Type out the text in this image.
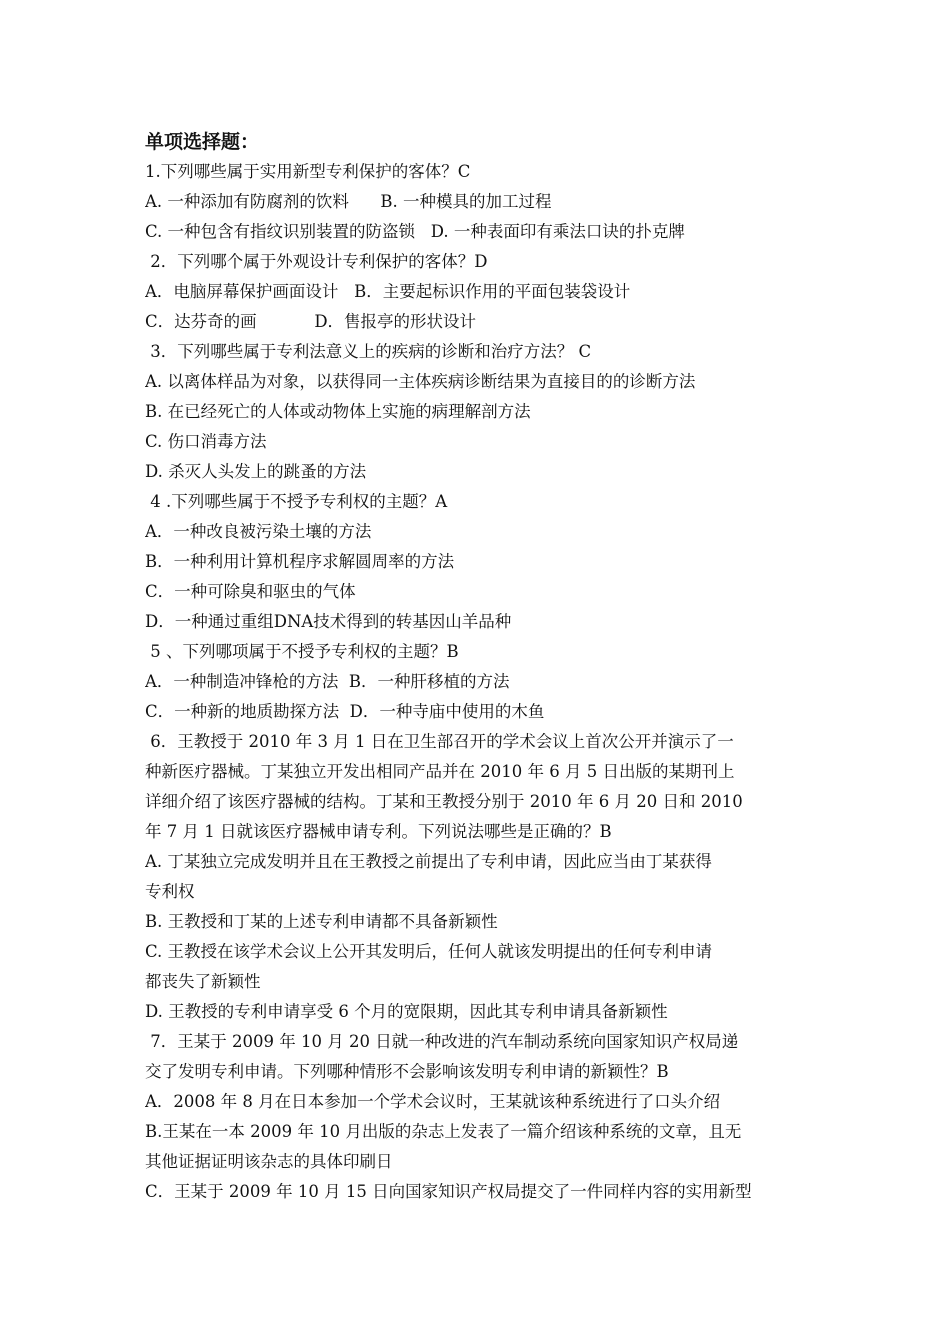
单项选择题：
1.下列哪些属于实用新型专利保护的客体？C
A. 一种添加有防腐剂的饮料      B. 一种模具的加工过程
C. 一种包含有指纹识别装置的防盗锁   D. 一种表面印有乘法口诀的扑克牌
2．下列哪个属于外观设计专利保护的客体？D
A．电脑屏幕保护画面设计   B．主要起标识作用的平面包装袋设计
C．达芬奇的画           D．售报亭的形状设计
3．下列哪些属于专利法意义上的疾病的诊断和治疗方法？ C
A. 以离体样品为对象，以获得同一主体疾病诊断结果为直接目的的诊断方法
B. 在已经死亡的人体或动物体上实施的病理解剖方法
C. 伤口消毒方法
D. 杀灭人头发上的跳蚤的方法
4 .下列哪些属于不授予专利权的主题？A
A．一种改良被污染土壤的方法
B．一种利用计算机程序求解圆周率的方法
C．一种可除臭和驱虫的气体
D．一种通过重组DNA技术得到的转基因山羊品种
5 、下列哪项属于不授予专利权的主题？B
A．一种制造冲锋枪的方法  B．一种肝移植的方法
C．一种新的地质勘探方法  D．一种寺庙中使用的木鱼
6．王教授于 2010 年 3 月 1 日在卫生部召开的学术会议上首次公开并演示了一
种新医疗器械。丁某独立开发出相同产品并在 2010 年 6 月 5 日出版的某期刊上
详细介绍了该医疗器械的结构。丁某和王教授分别于 2010 年 6 月 20 日和 2010
年 7 月 1 日就该医疗器械申请专利。下列说法哪些是正确的？B
A. 丁某独立完成发明并且在王教授之前提出了专利申请，因此应当由丁某获得
专利权
B. 王教授和丁某的上述专利申请都不具备新颖性
C. 王教授在该学术会议上公开其发明后，任何人就该发明提出的任何专利申请
都丧失了新颖性
D. 王教授的专利申请享受 6 个月的宽限期，因此其专利申请具备新颖性
7．王某于 2009 年 10 月 20 日就一种改进的汽车制动系统向国家知识产权局递
交了发明专利申请。下列哪种情形不会影响该发明专利申请的新颖性？B
A．2008 年 8 月在日本参加一个学术会议时，王某就该种系统进行了口头介绍
B.王某在一本 2009 年 10 月出版的杂志上发表了一篇介绍该种系统的文章，且无
其他证据证明该杂志的具体印刷日
C．王某于 2009 年 10 月 15 日向国家知识产权局提交了一件同样内容的实用新型
